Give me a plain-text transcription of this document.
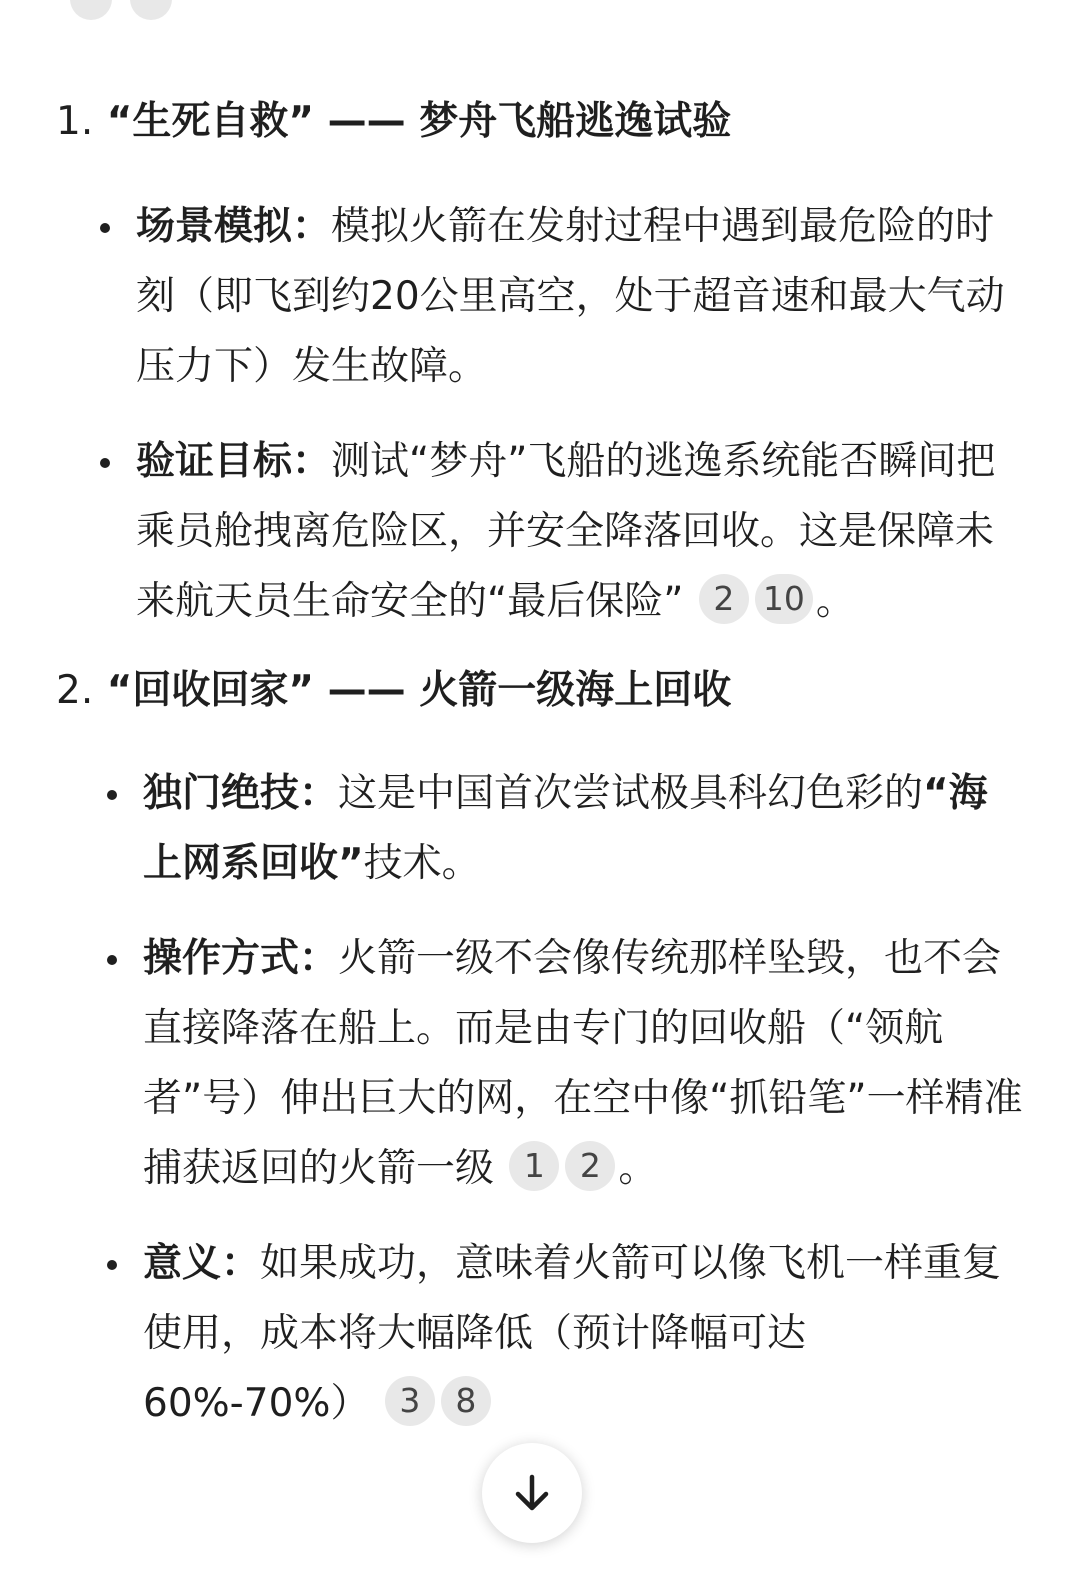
1. “生死自救” —— 梦舟飞船逃逸试验
场景模拟：模拟火箭在发射过程中遇到最危险的时刻（即飞到约20公里高空，处于超音速和最大气动压力下）发生故障。
验证目标：测试“梦舟”飞船的逃逸系统能否瞬间把乘员舱拽离危险区，并安全降落回收。这是保障未来航天员生命安全的“最后保险” 2 10 。
2. “回收回家” —— 火箭一级海上回收
独门绝技：这是中国首次尝试极具科幻色彩的“海上网系回收”技术。
操作方式：火箭一级不会像传统那样坠毁，也不会直接降落在船上。而是由专门的回收船（“领航者”号）伸出巨大的网，在空中像“抓铅笔”一样精准捕获返回的火箭一级 1 2 。
意义：如果成功，意味着火箭可以像飞机一样重复使用，成本将大幅降低（预计降幅可达60%-70%） 3 8
